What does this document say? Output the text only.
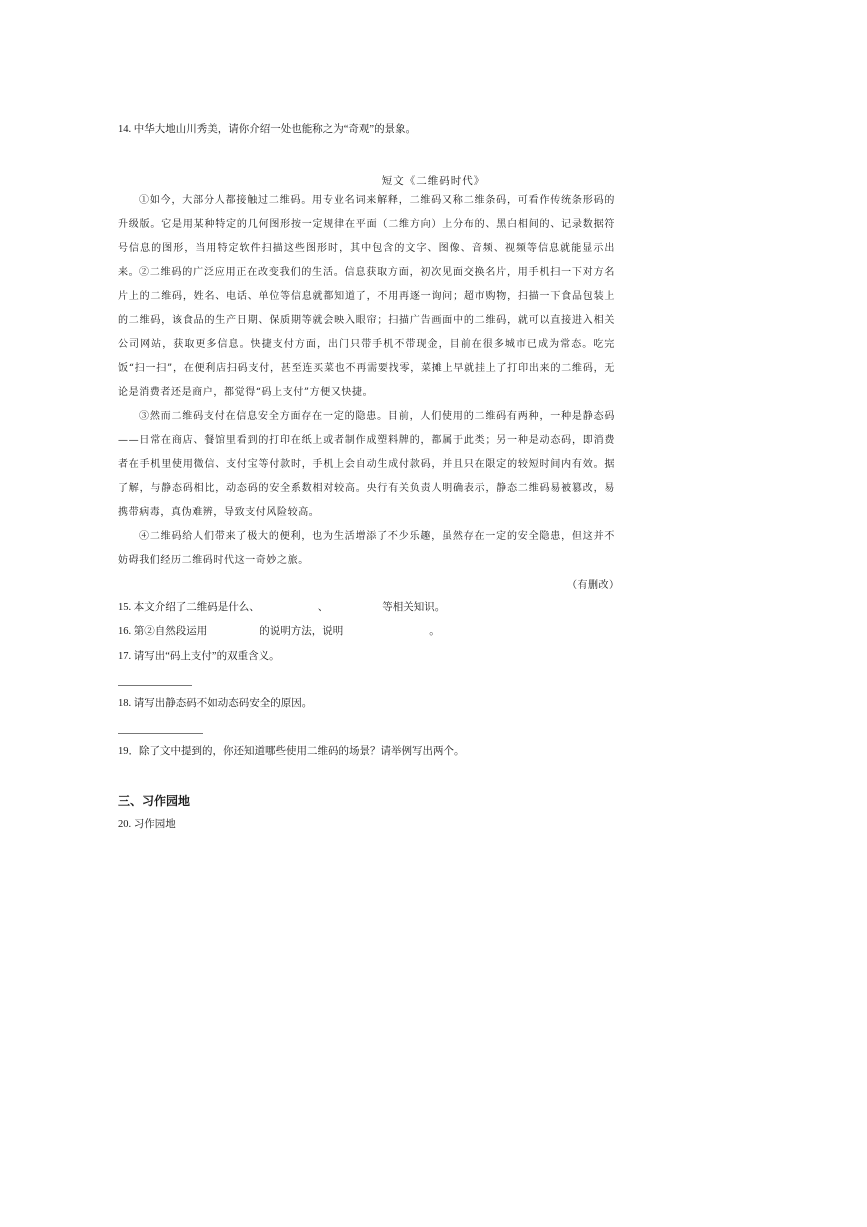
14. 中华大地山川秀美，请你介绍一处也能称之为“奇观”的景象。
短文《二维码时代》
①如今，大部分人都接触过二维码。用专业名词来解释，二维码又称二维条码，可看作传统条形码的升级版。它是用某种特定的几何图形按一定规律在平面（二维方向）上分布的、黑白相间的、记录数据符号信息的图形，当用特定软件扫描这些图形时，其中包含的文字、图像、音频、视频等信息就能显示出来。 ②二维码的广泛应用正在改变我们的生活。信息获取方面，初次见面交换名片，用手机扫一下对方名片上的二维码，姓名、电话、单位等信息就都知道了，不用再逐一询问；超市购物，扫描一下食品包装上的二维码，该食品的生产日期、保质期等就会映入眼帘；扫描广告画面中的二维码，就可以直接进入相关公司网站，获取更多信息。快捷支付方面，出门只带手机不带现金，目前在很多城市已成为常态。吃完饭“扫一扫”，在便利店扫码支付，甚至连买菜也不再需要找零，菜摊上早就挂上了打印出来的二维码，无论是消费者还是商户，都觉得“码上支付”方便又快捷。
③然而二维码支付在信息安全方面存在一定的隐患。目前，人们使用的二维码有两种，一种是静态码——日常在商店、餐馆里看到的打印在纸上或者制作成塑料牌的，都属于此类；另一种是动态码，即消费者在手机里使用微信、支付宝等付款时，手机上会自动生成付款码，并且只在限定的较短时间内有效。据了解，与静态码相比，动态码的安全系数相对较高。央行有关负责人明确表示，静态二维码易被篡改，易携带病毒，真伪难辨，导致支付风险较高。
④二维码给人们带来了极大的便利，也为生活增添了不少乐趣，虽然存在一定的安全隐患，但这并不妨碍我们经历二维码时代这一奇妙之旅。
（有删改）
15. 本文介绍了二维码是什么、	、	等相关知识。
16. 第②自然段运用	的说明方法，说明	。
17. 请写出“码上支付”的双重含义。
18. 请写出静态码不如动态码安全的原因。
19．除了文中提到的，你还知道哪些使用二维码的场景？请举例写出两个。
三、习作园地
20. 习作园地
